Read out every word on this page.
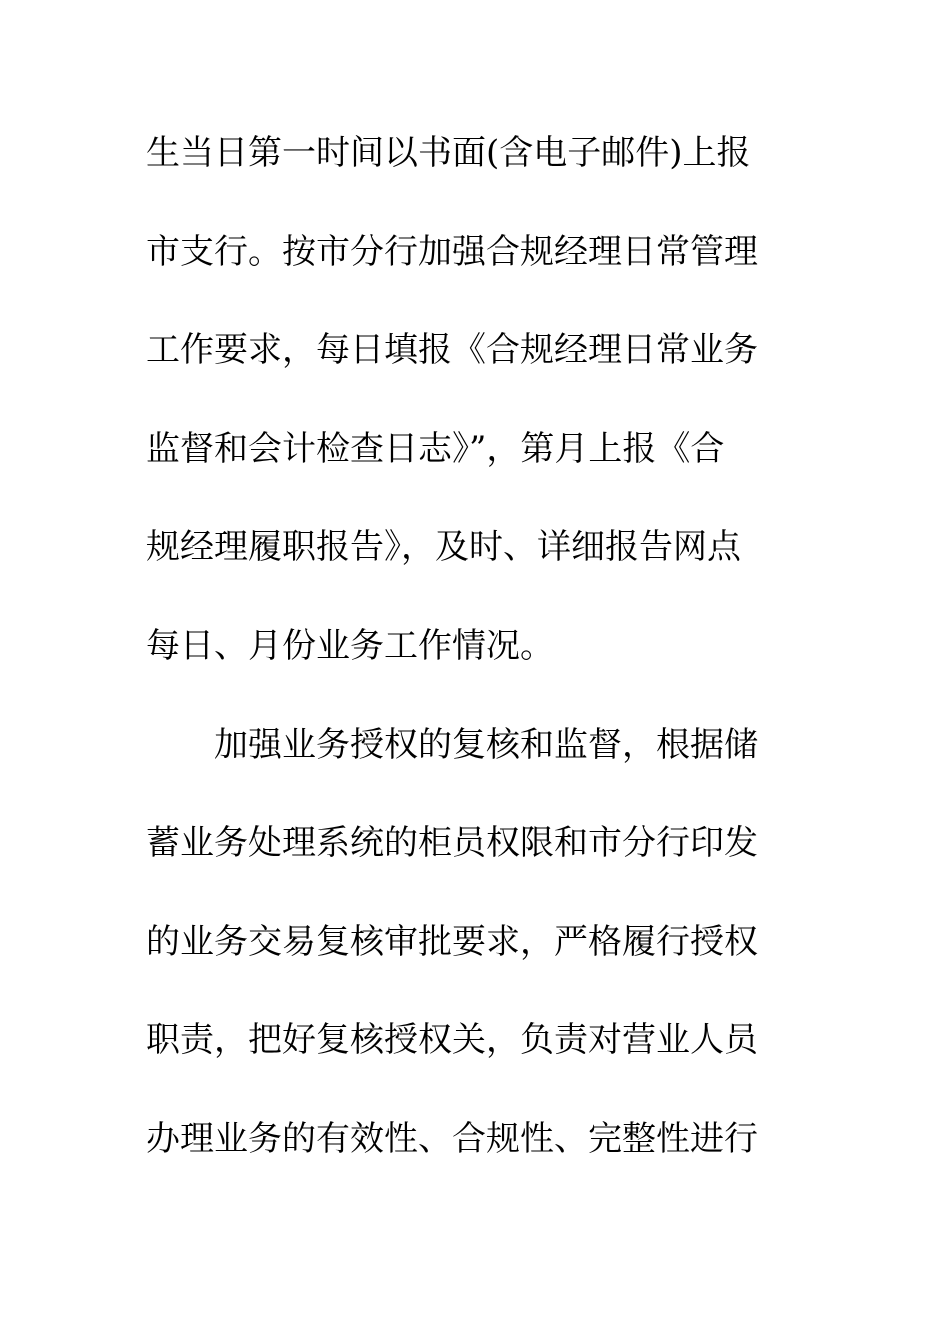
生当日第一时间以书面(含电子邮件)上报
市支行。按市分行加强合规经理日常管理
工作要求，每日填报《合规经理日常业务
监督和会计检查日志》”，第月上报《合
规经理履职报告》，及时、详细报告网点
每日、月份业务工作情况。
加强业务授权的复核和监督，根据储
蓄业务处理系统的柜员权限和市分行印发
的业务交易复核审批要求，严格履行授权
职责，把好复核授权关，负责对营业人员
办理业务的有效性、合规性、完整性进行
